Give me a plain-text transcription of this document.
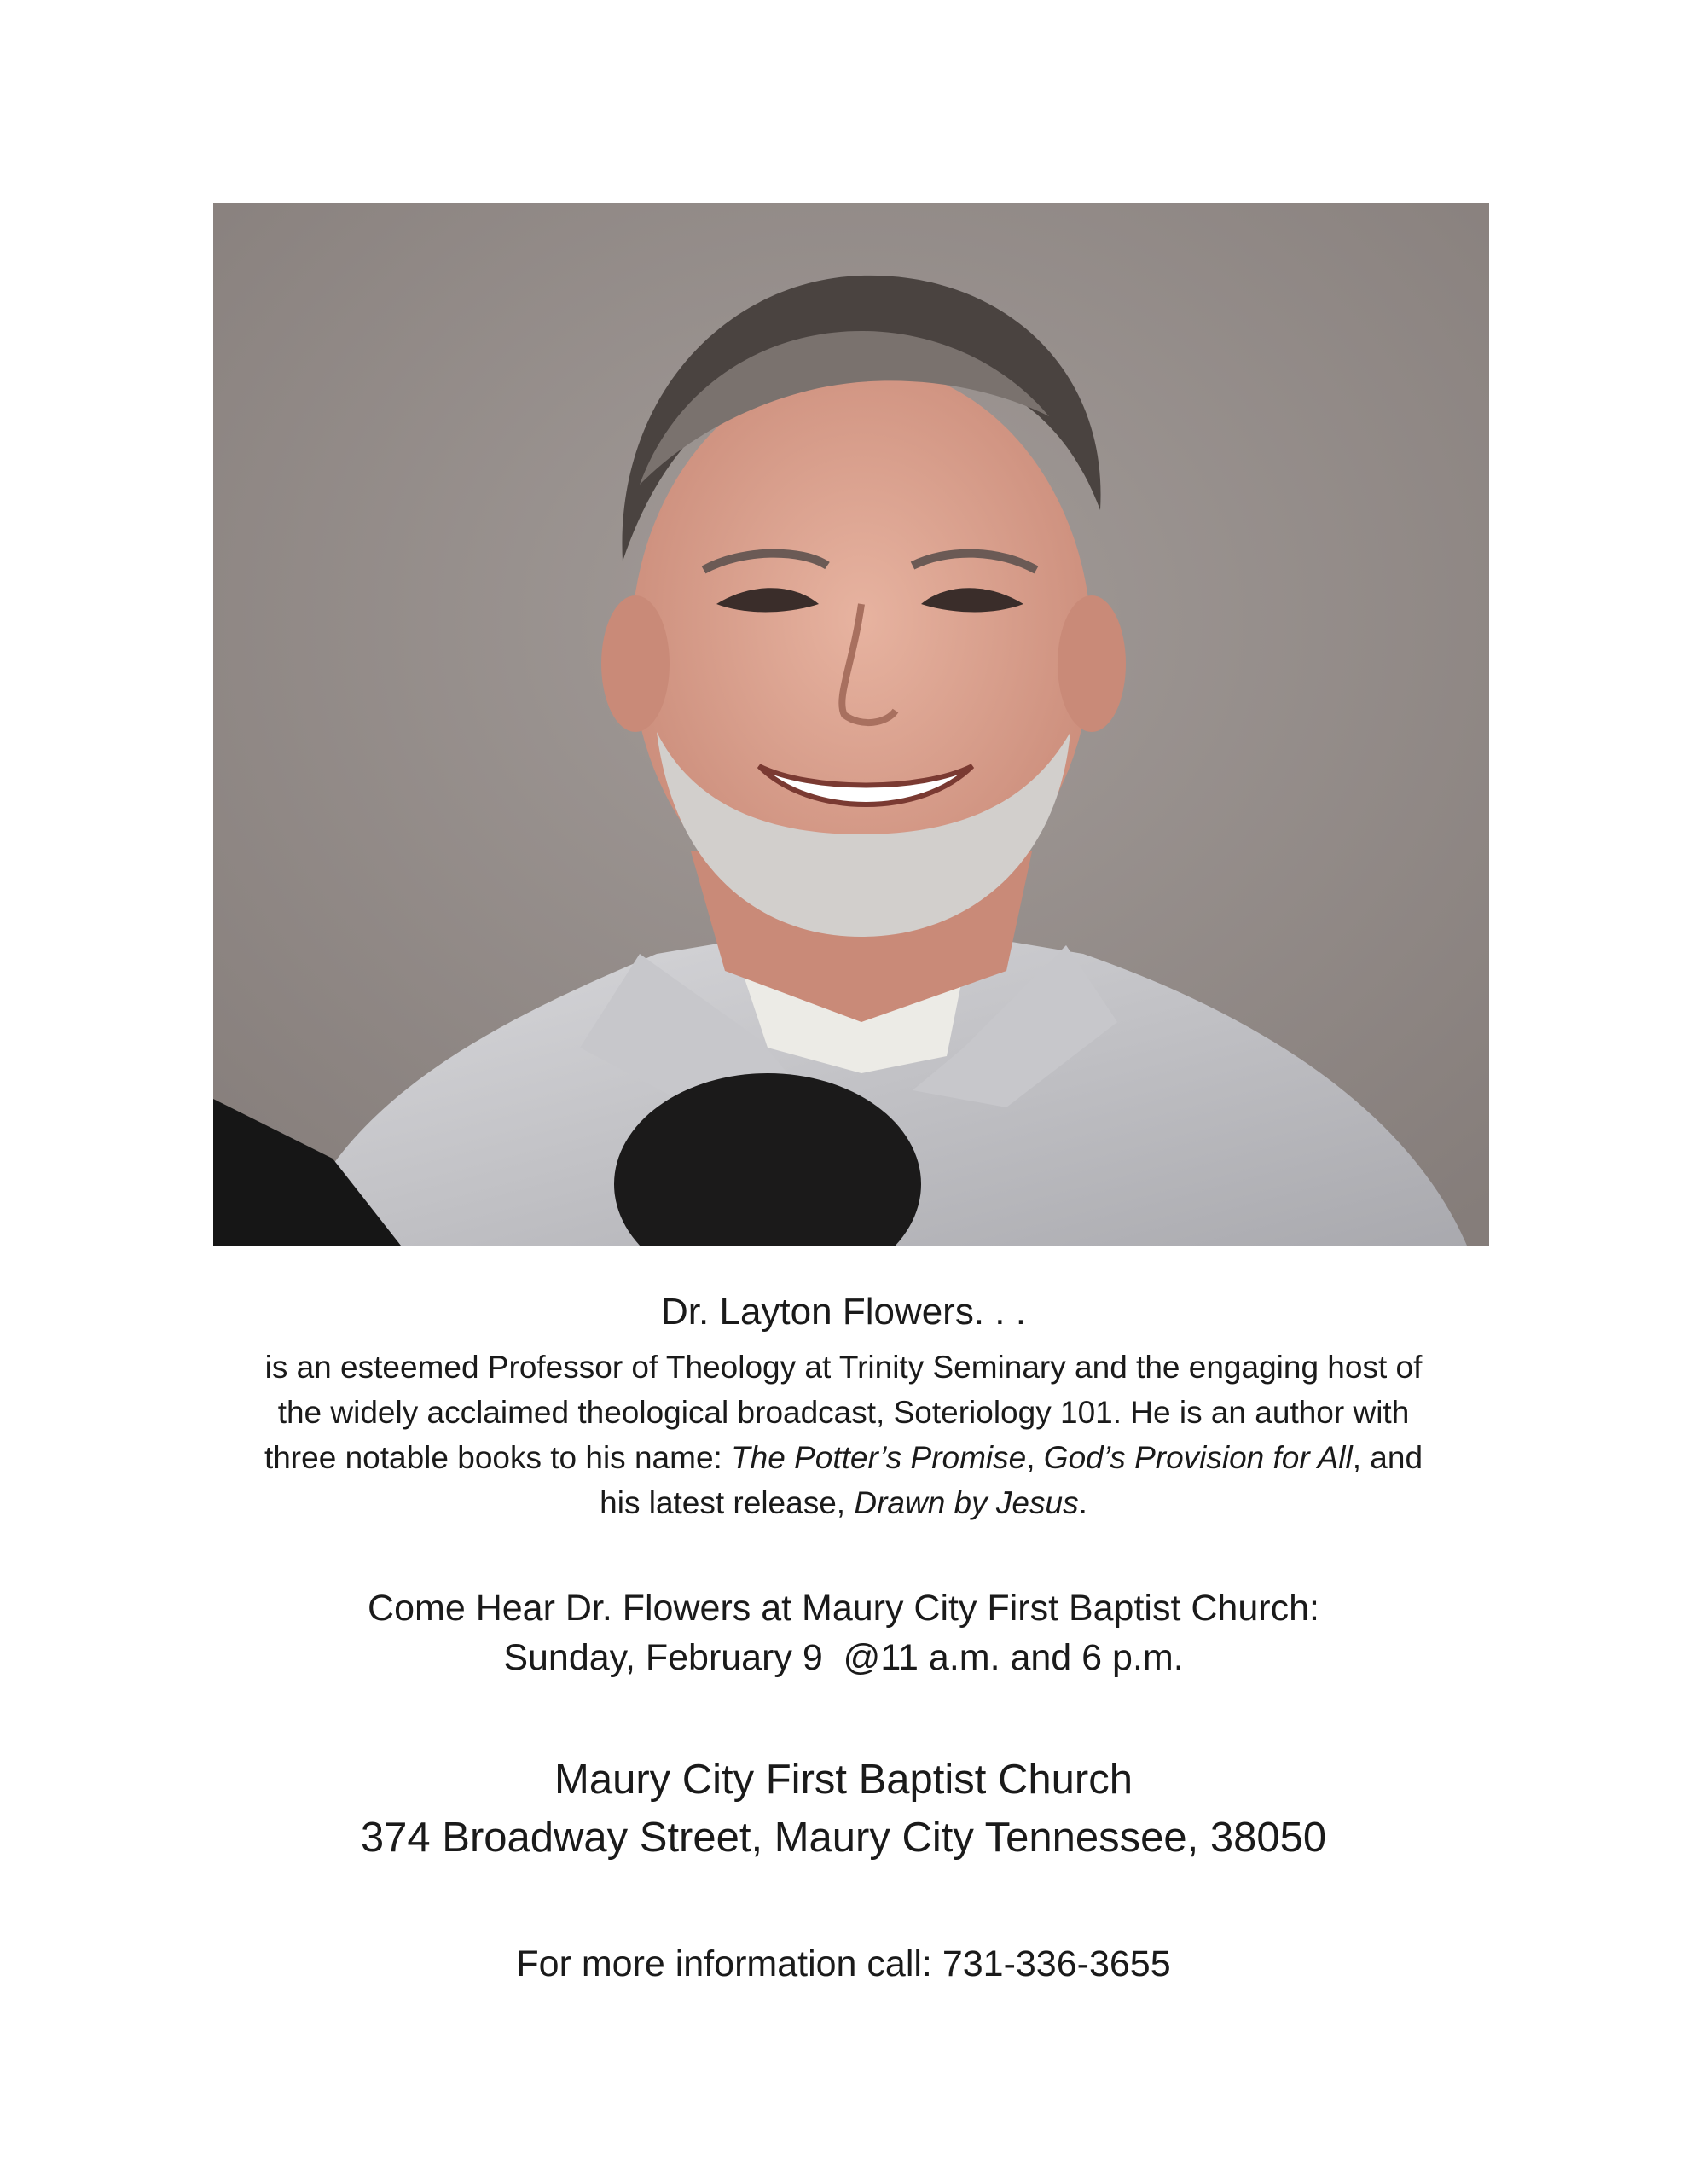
Dr. Layton Flowers. . .
is an esteemed Professor of Theology at Trinity Seminary and the engaging host of
the widely acclaimed theological broadcast, Soteriology 101. He is an author with
three notable books to his name: The Potter’s Promise, God’s Provision for All, and
his latest release, Drawn by Jesus.
Come Hear Dr. Flowers at Maury City First Baptist Church:
Sunday, February 9  @11 a.m. and 6 p.m.
Maury City First Baptist Church
374 Broadway Street, Maury City Tennessee, 38050
For more information call: 731-336-3655
